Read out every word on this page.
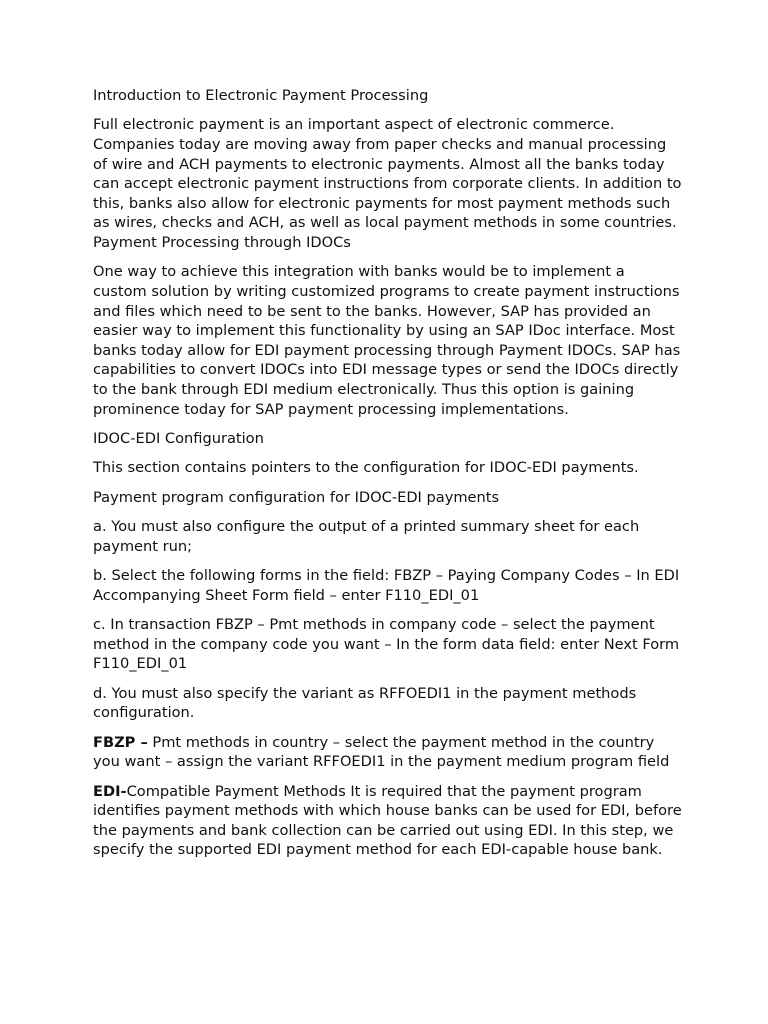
Introduction to Electronic Payment Processing

Full electronic payment is an important aspect of electronic commerce. Companies today are moving away from paper checks and manual processing of wire and ACH payments to electronic payments. Almost all the banks today can accept electronic payment instructions from corporate clients. In addition to this, banks also allow for electronic payments for most payment methods such as wires, checks and ACH, as well as local payment methods in some countries. Payment Processing through IDOCs

One way to achieve this integration with banks would be to implement a custom solution by writing customized programs to create payment instructions and files which need to be sent to the banks. However, SAP has provided an easier way to implement this functionality by using an SAP IDoc interface. Most banks today allow for EDI payment processing through Payment IDOCs. SAP has capabilities to convert IDOCs into EDI message types or send the IDOCs directly to the bank through EDI medium electronically. Thus this option is gaining prominence today for SAP payment processing implementations.

IDOC-EDI Configuration

This section contains pointers to the configuration for IDOC-EDI payments.

Payment program configuration for IDOC-EDI payments

a. You must also configure the output of a printed summary sheet for each payment run;

b. Select the following forms in the field: FBZP – Paying Company Codes – In EDI Accompanying Sheet Form field – enter F110_EDI_01

c. In transaction FBZP – Pmt methods in company code – select the payment method in the company code you want – In the form data field: enter Next Form F110_EDI_01

d. You must also specify the variant as RFFOEDI1 in the payment methods configuration.

FBZP – Pmt methods in country – select the payment method in the country you want – assign the variant RFFOEDI1 in the payment medium program field

EDI-Compatible Payment Methods It is required that the payment program identifies payment methods with which house banks can be used for EDI, before the payments and bank collection can be carried out using EDI. In this step, we specify the supported EDI payment method for each EDI-capable house bank.
